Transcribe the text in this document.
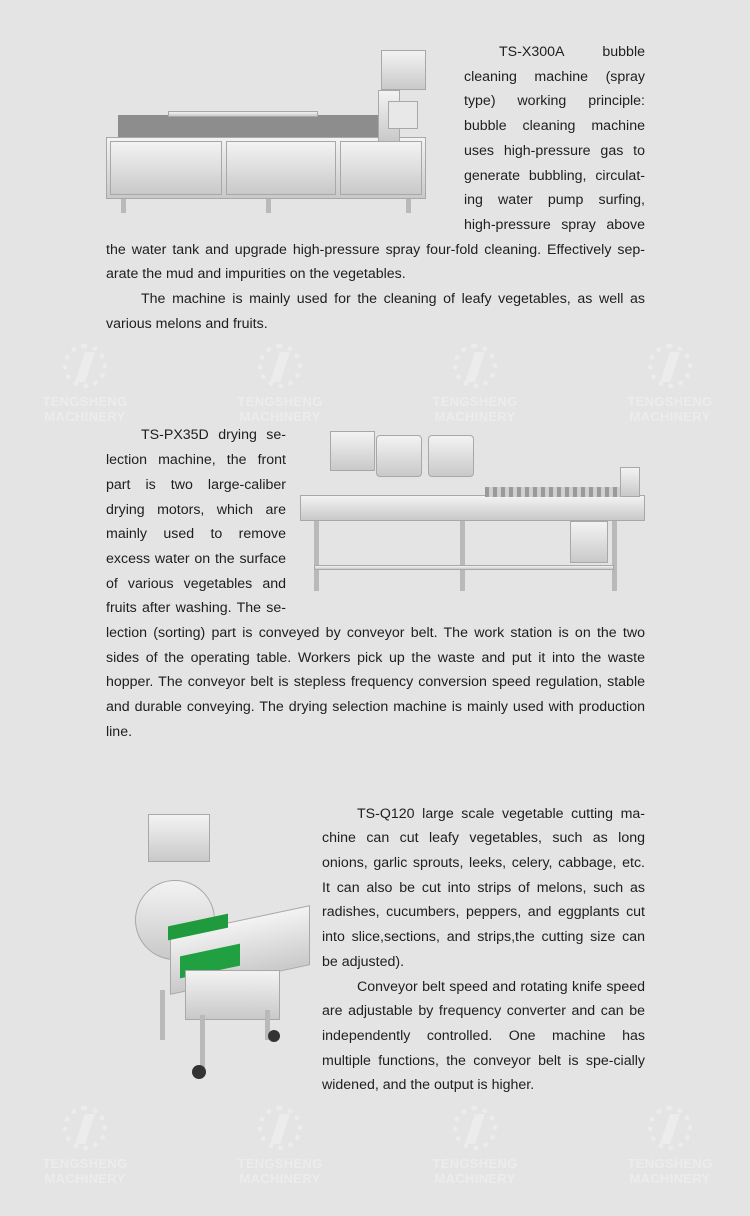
TS-X300A bubble cleaning machine (spray type) working principle: bubble cleaning machine uses high-pressure gas to generate bubbling, circulat-ing water pump surfing, high-pressure spray above the water tank and upgrade high-pressure spray four-fold cleaning. Effectively sep-arate the mud and impurities on the vegetables.

The machine is mainly used for the cleaning of leafy vegetables, as well as various melons and fruits.

TENGSHENG MACHINERY
TENGSHENG MACHINERY
TENGSHENG MACHINERY
TENGSHENG MACHINERY

TS-PX35D drying se-lection machine, the front part is two large-caliber drying motors, which are mainly used to remove excess water on the surface of various vegetables and fruits after washing. The se-lection (sorting) part is conveyed by conveyor belt. The work station is on the two sides of the operating table. Workers pick up the waste and put it into the waste hopper. The conveyor belt is stepless frequency conversion speed regulation, stable and durable conveying. The drying selection machine is mainly used with production line.

TS-Q120 large scale vegetable cutting ma-chine can cut leafy vegetables, such as long onions, garlic sprouts, leeks, celery, cabbage, etc. It can also be cut into strips of melons, such as radishes, cucumbers, peppers, and eggplants cut into slice,sections, and strips,the cutting size can be adjusted).

Conveyor belt speed and rotating knife speed are adjustable by frequency converter and can be independently controlled. One machine has multiple functions, the conveyor belt is spe-cially widened, and the output is higher.

TENGSHENG MACHINERY
TENGSHENG MACHINERY
TENGSHENG MACHINERY
TENGSHENG MACHINERY
